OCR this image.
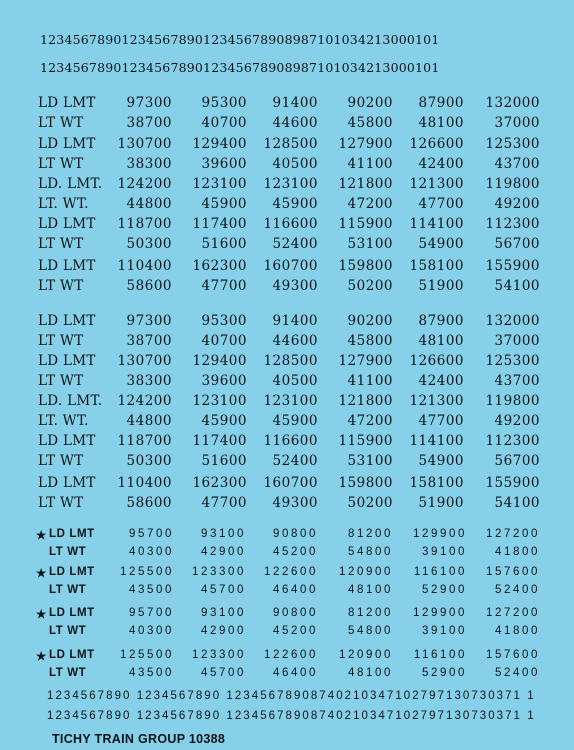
1234567890123456789012345678908987101034213000101
1234567890123456789012345678908987101034213000101
LD LMT	97300	95300	91400	90200	87900	132000
LT WT	38700	40700	44600	45800	48100	37000
LD LMT	130700	129400	128500	127900	126600	125300
LT WT	38300	39600	40500	41100	42400	43700
LD. LMT.	124200	123100	123100	121800	121300	119800
LT. WT.	44800	45900	45900	47200	47700	49200
LD LMT	118700	117400	116600	115900	114100	112300
LT WT	50300	51600	52400	53100	54900	56700
LD LMT	110400	162300	160700	159800	158100	155900
LT WT	58600	47700	49300	50200	51900	54100
LD LMT	97300	95300	91400	90200	87900	132000
LT WT	38700	40700	44600	45800	48100	37000
LD LMT	130700	129400	128500	127900	126600	125300
LT WT	38300	39600	40500	41100	42400	43700
LD. LMT.	124200	123100	123100	121800	121300	119800
LT. WT.	44800	45900	45900	47200	47700	49200
LD LMT	118700	117400	116600	115900	114100	112300
LT WT	50300	51600	52400	53100	54900	56700
LD LMT	110400	162300	160700	159800	158100	155900
LT WT	58600	47700	49300	50200	51900	54100
★ LD LMT	95700	93100	90800	81200	129900	127200
LT WT	40300	42900	45200	54800	39100	41800
★ LD LMT	125500	123300	122600	120900	116100	157600
LT WT	43500	45700	46400	48100	52900	52400
★ LD LMT	95700	93100	90800	81200	129900	127200
LT WT	40300	42900	45200	54800	39100	41800
★ LD LMT	125500	123300	122600	120900	116100	157600
LT WT	43500	45700	46400	48100	52900	52400
1234567890 1234567890 12345678908740210347102797130730371 1
1234567890 1234567890 12345678908740210347102797130730371 1
TICHY TRAIN GROUP 10388
